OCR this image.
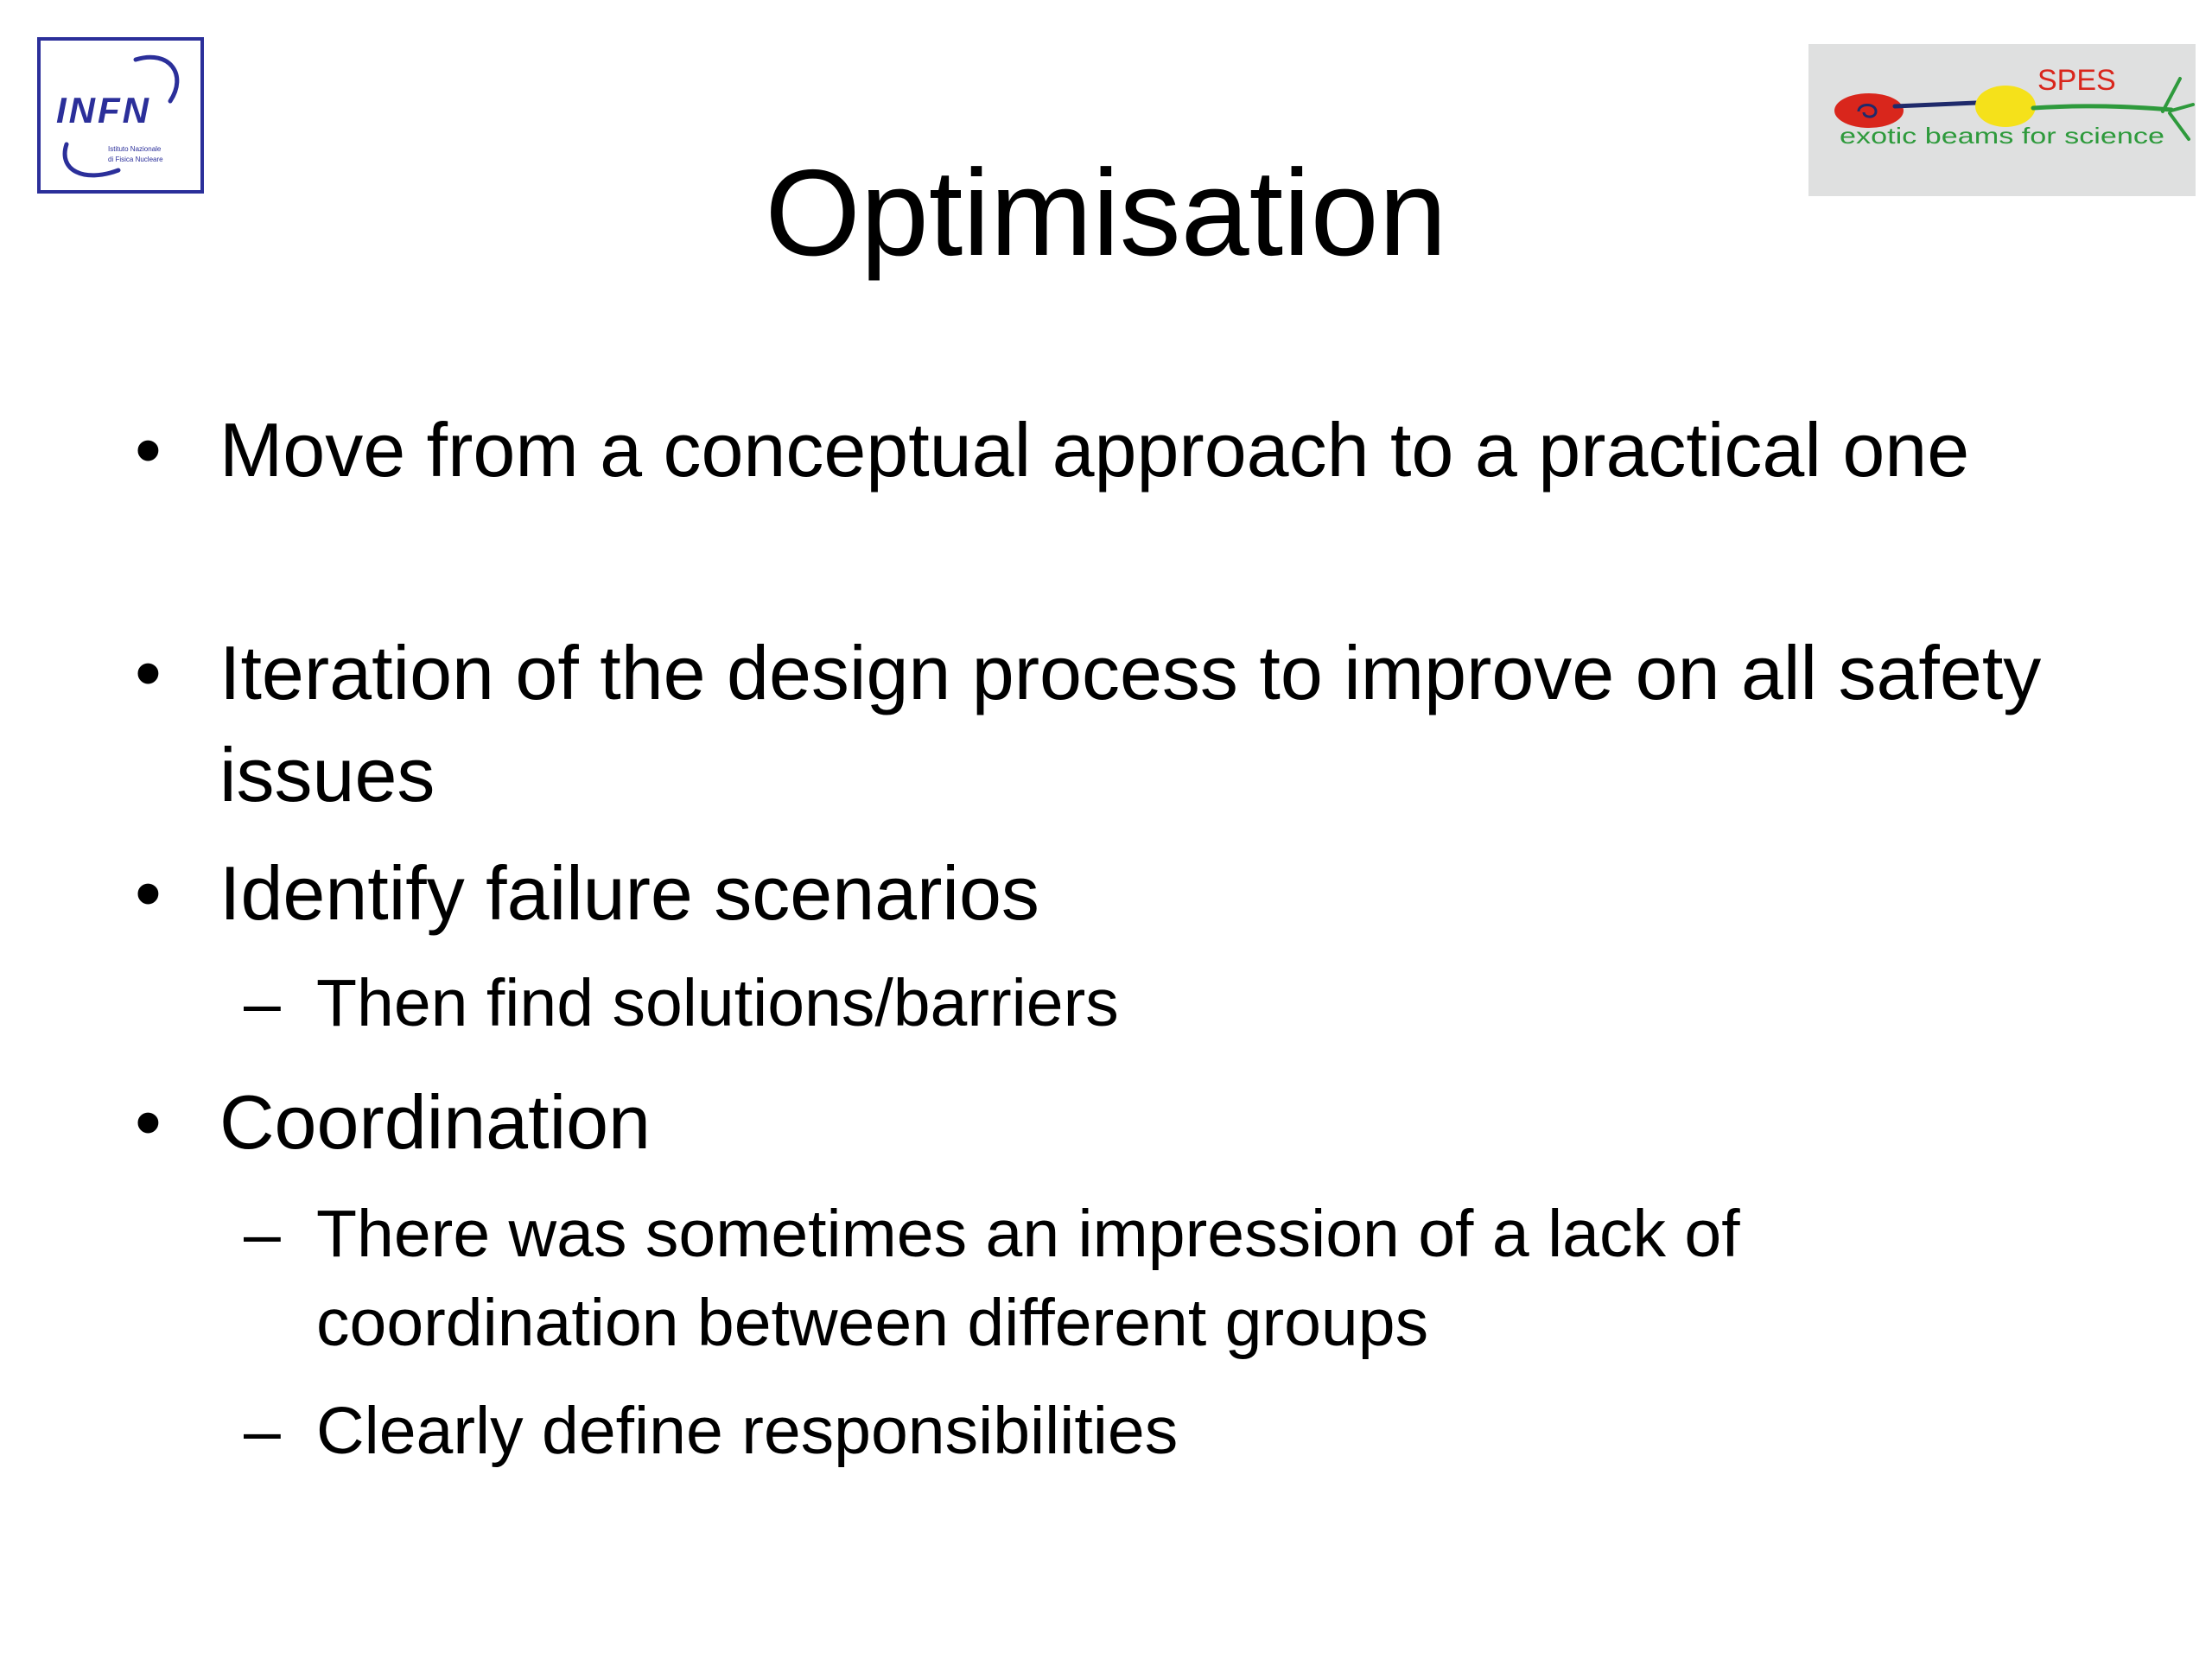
INFN
Istituto Nazionale
di Fisica Nucleare
SPES
exotic beams for science
Optimisation
• Move from a conceptual approach to a practical one
• Iteration of the design process to improve on all safety issues
• Identify failure scenarios
– Then find solutions/barriers
• Coordination
– There was sometimes an impression of a lack of coordination between different groups
– Clearly define responsibilities
